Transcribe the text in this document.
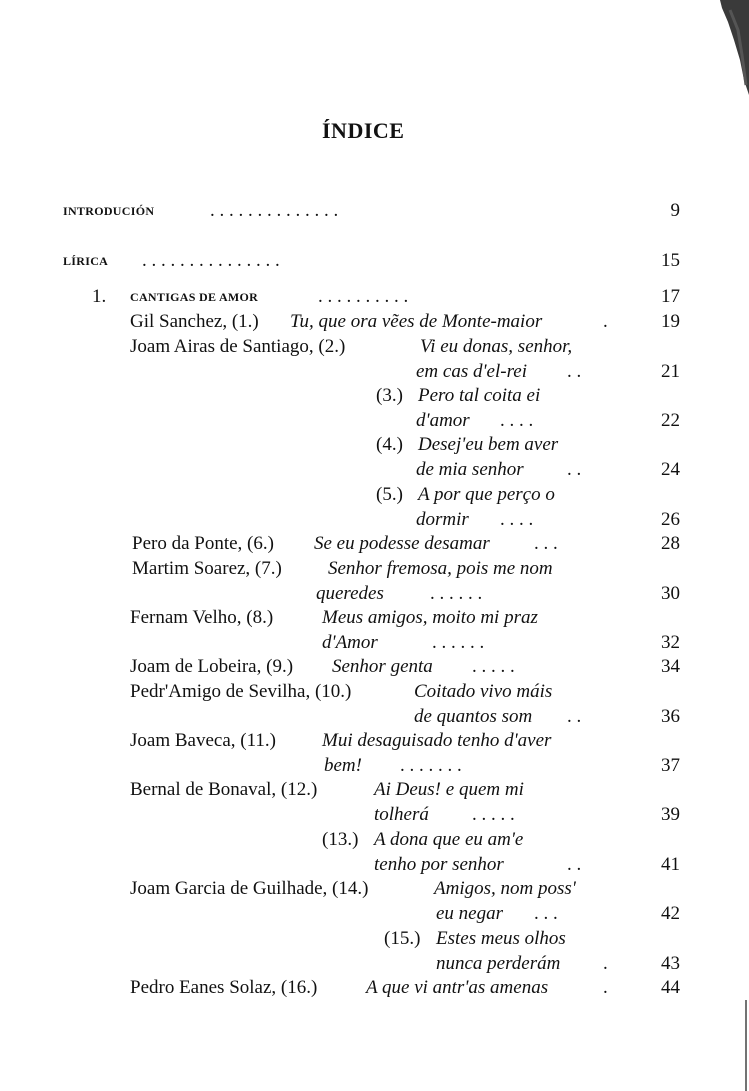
ÍNDICE
INTRODUCIÓN	. . . . . . . . . . . . . .	9
LÍRICA . . . . . . . . . . . . . . .	15
1. CANTIGAS DE AMOR	. . . . . . . . . .	17
Gil Sanchez, (1.) Tu, que ora vẽes de Monte-maior	.	19
Joam Airas de Santiago, (2.)	Vi eu donas, senhor,
em cas d'el-rei . .	21
(3.) Pero tal coita ei
d'amor . . . .	22
(4.) Desej'eu bem aver
de mia senhor . .	24
(5.) A por que perço o
dormir . . . .	26
Pero da Ponte, (6.) Se eu podesse desamar . . .	28
Martim Soarez, (7.) Senhor fremosa, pois me nom
queredes . . . . . .	30
Fernam Velho, (8.)	Meus amigos, moito mi praz
d'Amor	. . . . . .	32
Joam de Lobeira, (9.) Senhor genta . . . . .	34
Pedr'Amigo de Sevilha, (10.)	Coitado vivo máis
de quantos som . .	36
Joam Baveca, (11.) Mui desaguisado tenho d'aver
bem! . . . . . . .	37
Bernal de Bonaval, (12.)	Ai Deus! e quem mi
tolherá . . . . .	39
(13.) A dona que eu am'e
tenho por senhor	. .	41
Joam Garcia de Guilhade, (14.)	Amigos, nom poss'
eu negar . . .	42
(15.) Estes meus olhos
nunca perderám .	43
Pedro Eanes Solaz, (16.)	A que vi antr'as amenas	.	44
